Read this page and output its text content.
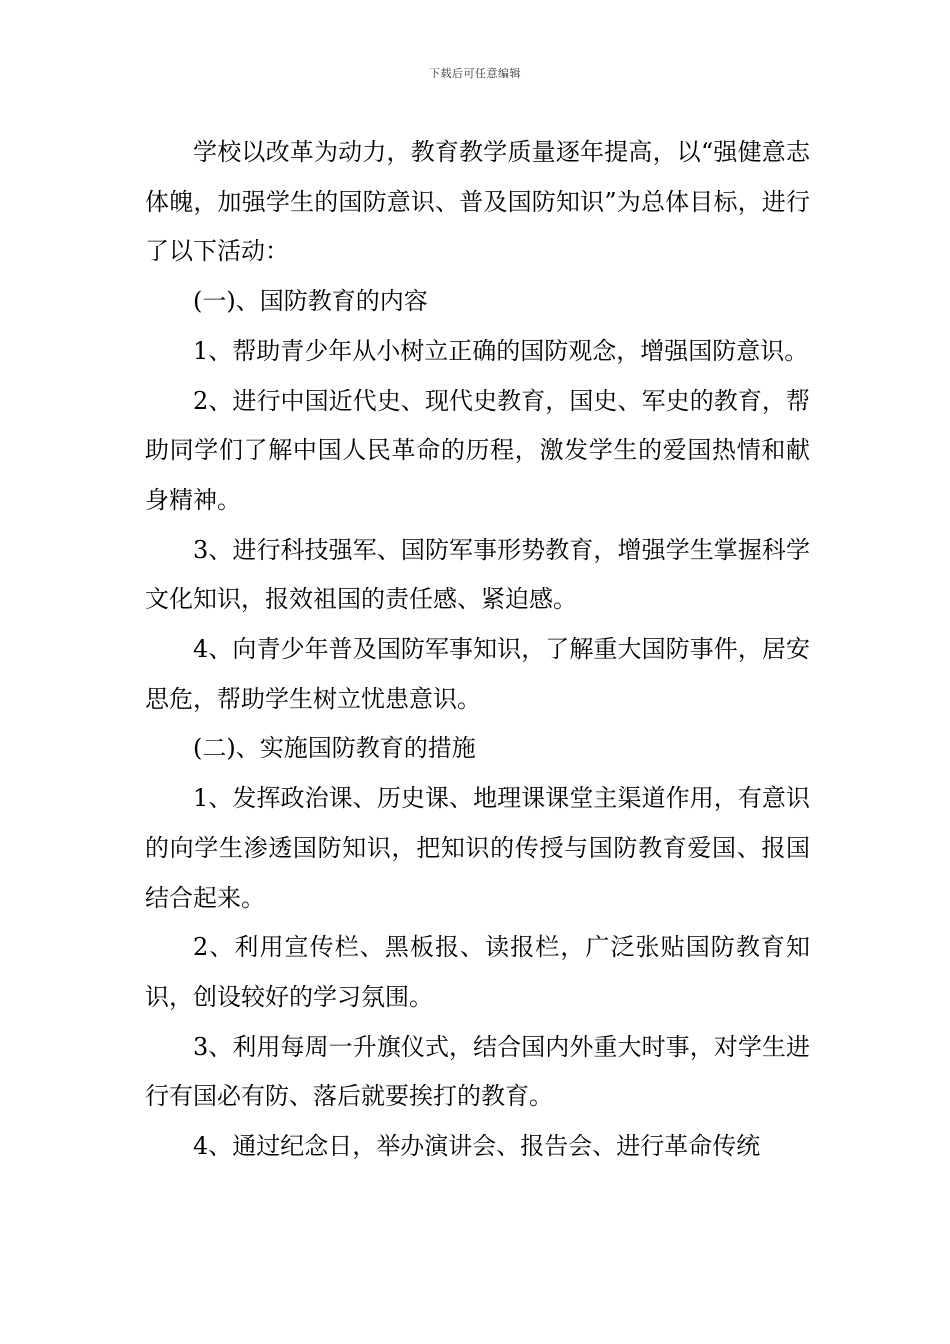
下载后可任意编辑

学校以改革为动力，教育教学质量逐年提高，以“强健意志体魄，加强学生的国防意识、普及国防知识”为总体目标，进行了以下活动：

(一)、国防教育的内容

1、帮助青少年从小树立正确的国防观念，增强国防意识。

2、进行中国近代史、现代史教育，国史、军史的教育，帮助同学们了解中国人民革命的历程，激发学生的爱国热情和献身精神。

3、进行科技强军、国防军事形势教育，增强学生掌握科学文化知识，报效祖国的责任感、紧迫感。

4、向青少年普及国防军事知识，了解重大国防事件，居安思危，帮助学生树立忧患意识。

(二)、实施国防教育的措施

1、发挥政治课、历史课、地理课课堂主渠道作用，有意识的向学生渗透国防知识，把知识的传授与国防教育爱国、报国结合起来。

2、利用宣传栏、黑板报、读报栏，广泛张贴国防教育知识，创设较好的学习氛围。

3、利用每周一升旗仪式，结合国内外重大时事，对学生进行有国必有防、落后就要挨打的教育。

4、通过纪念日，举办演讲会、报告会、进行革命传统
